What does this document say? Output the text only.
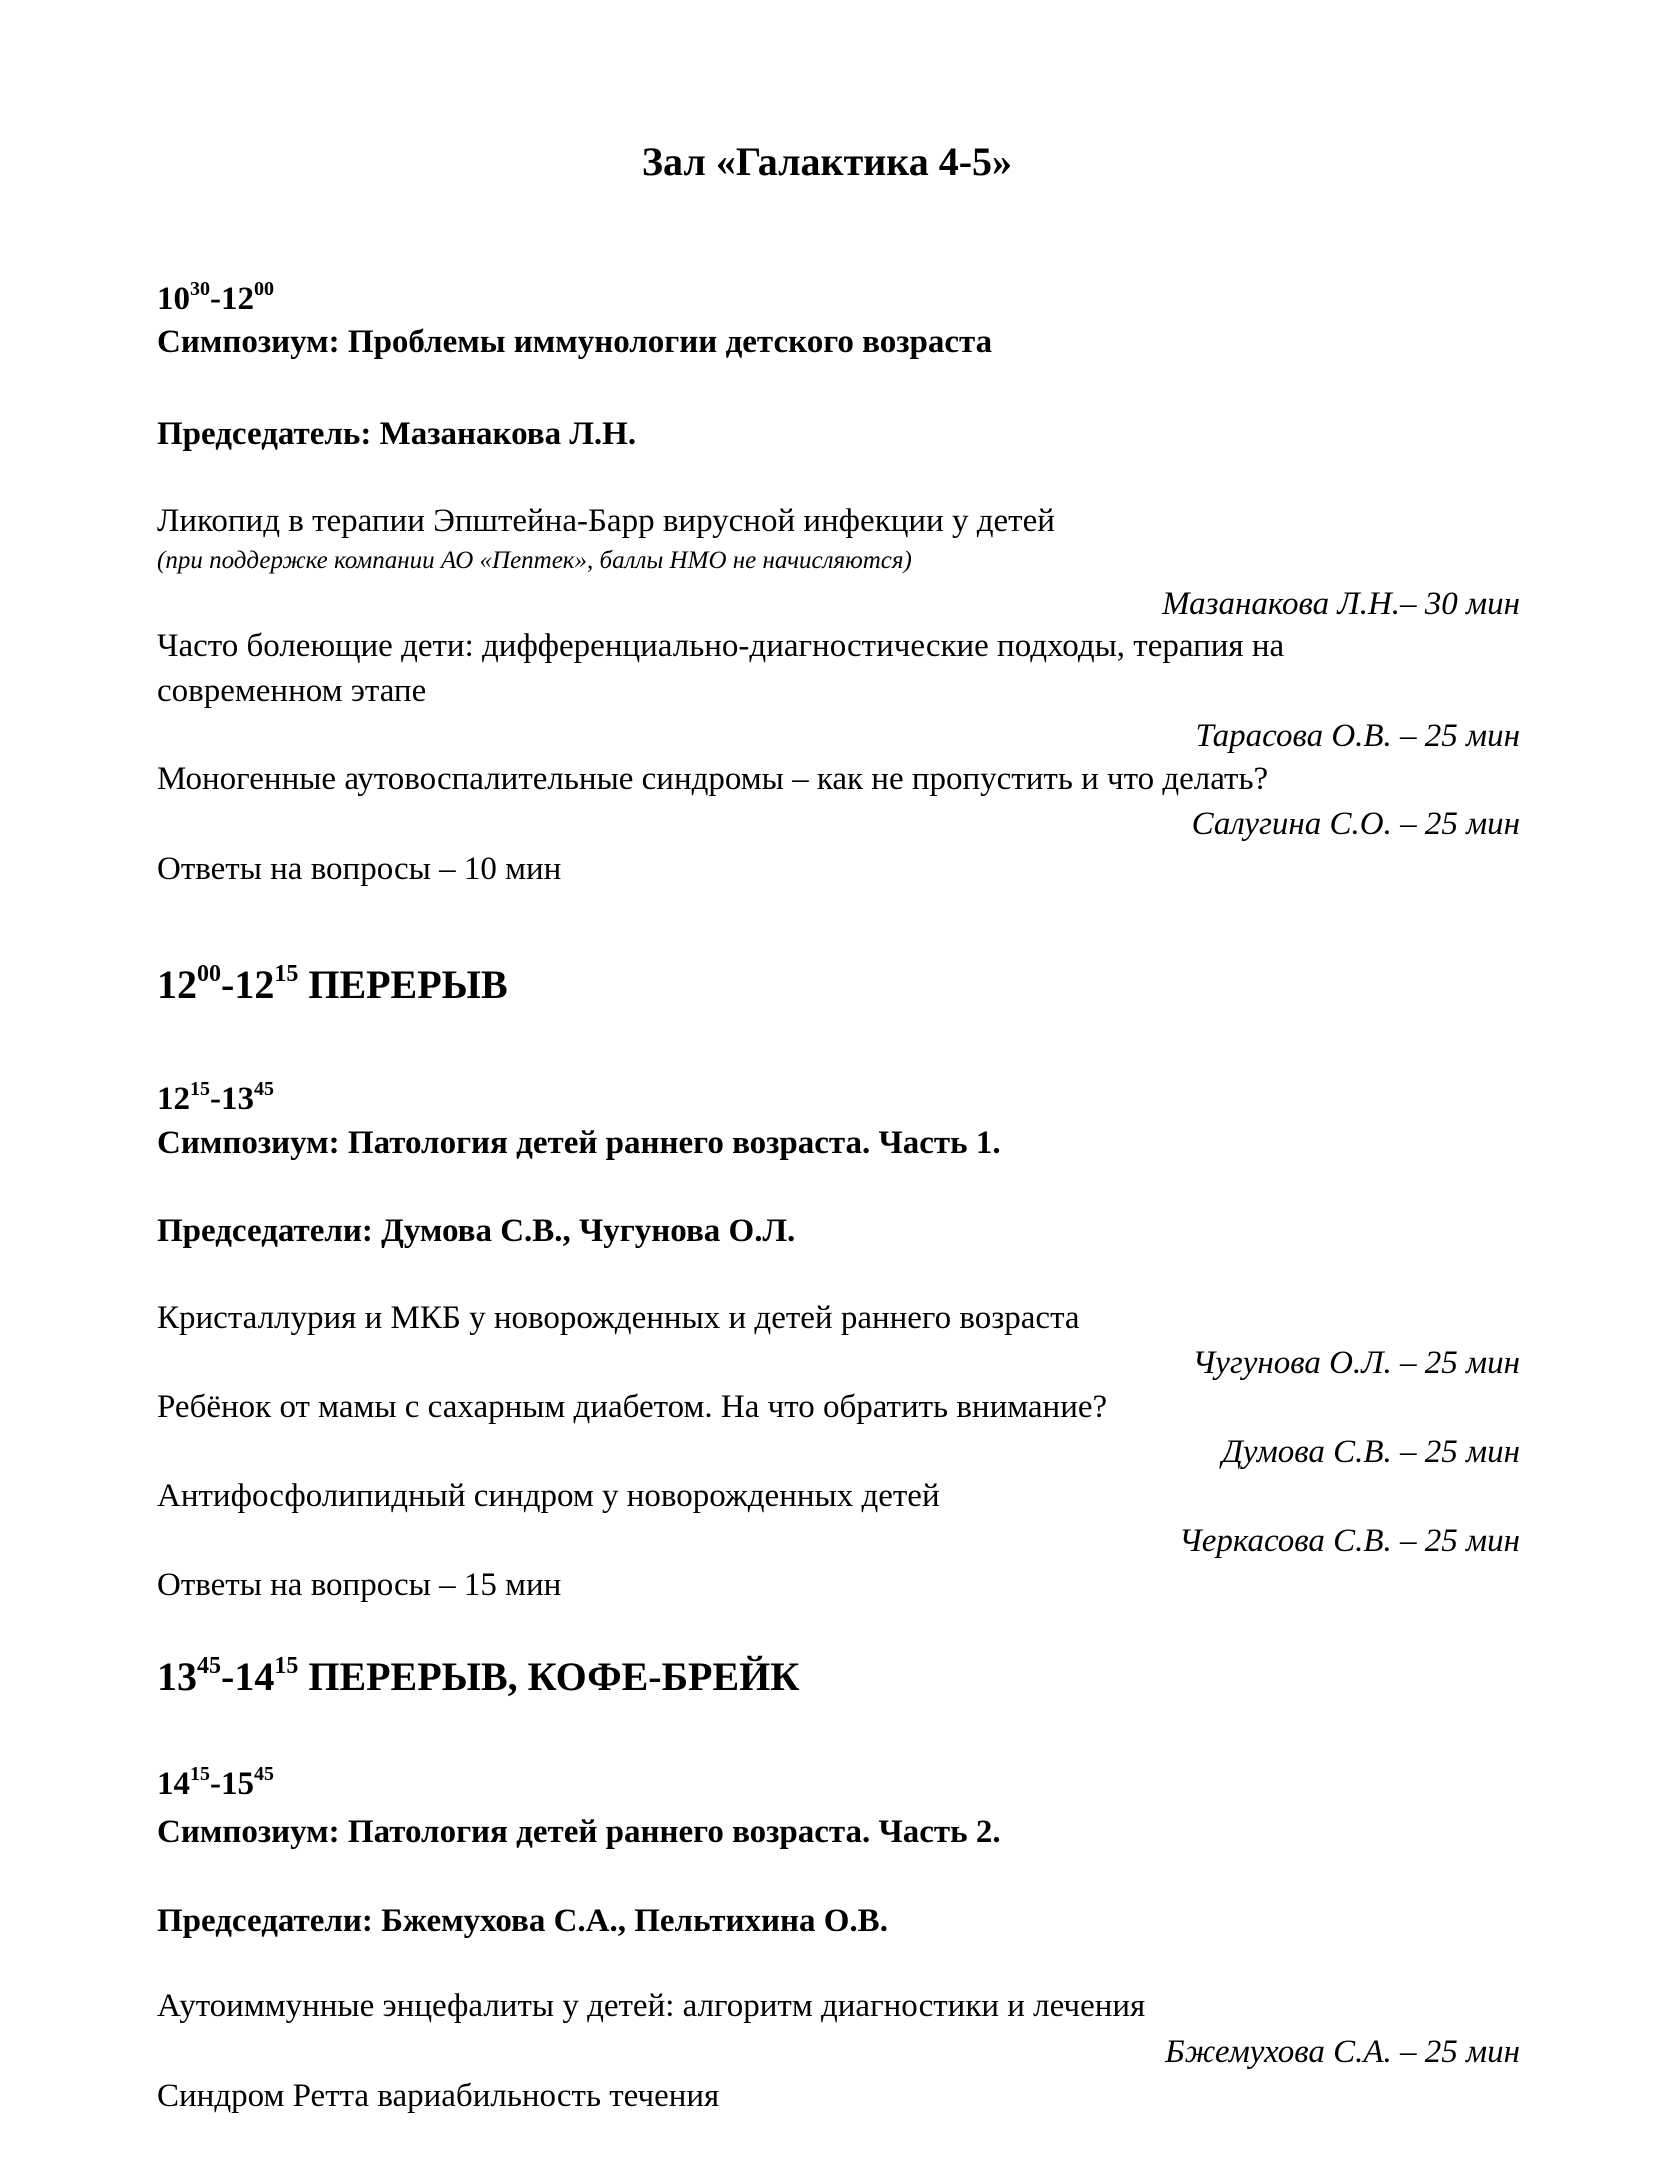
Зал «Галактика 4-5»
$10^{30}-12^{00}$
Симпозиум: Проблемы иммунологии детского возраста
Председатель: Мазанакова Л.Н.
Ликопид в терапии Эпштейна-Барр вирусной инфекции у детей
(при поддержке компании АО «Пептек», баллы НМО не начисляются)
Мазанакова Л.Н.– 30 мин
Часто болеющие дети: дифференциально-диагностические подходы, терапия на
современном этапе
Тарасова О.В. – 25 мин
Моногенные аутовоспалительные синдромы – как не пропустить и что делать?
Салугина С.О. – 25 мин
Ответы на вопросы – 10 мин
$12^{00}-12^{15}$ ПЕРЕРЫВ
$12^{15}-13^{45}$
Симпозиум: Патология детей раннего возраста. Часть 1.
Председатели: Думова С.В., Чугунова О.Л.
Кристаллурия и МКБ у новорожденных и детей раннего возраста
Чугунова О.Л. – 25 мин
Ребёнок от мамы с сахарным диабетом. На что обратить внимание?
Думова С.В. – 25 мин
Антифосфолипидный синдром у новорожденных детей
Черкасова С.В. – 25 мин
Ответы на вопросы – 15 мин
$13^{45}-14^{15}$ ПЕРЕРЫВ, КОФЕ-БРЕЙК
$14^{15}-15^{45}$
Симпозиум: Патология детей раннего возраста. Часть 2.
Председатели: Бжемухова С.А., Пельтихина О.В.
Аутоиммунные энцефалиты у детей: алгоритм диагностики и лечения
Бжемухова С.А. – 25 мин
Синдром Ретта вариабильность течения
